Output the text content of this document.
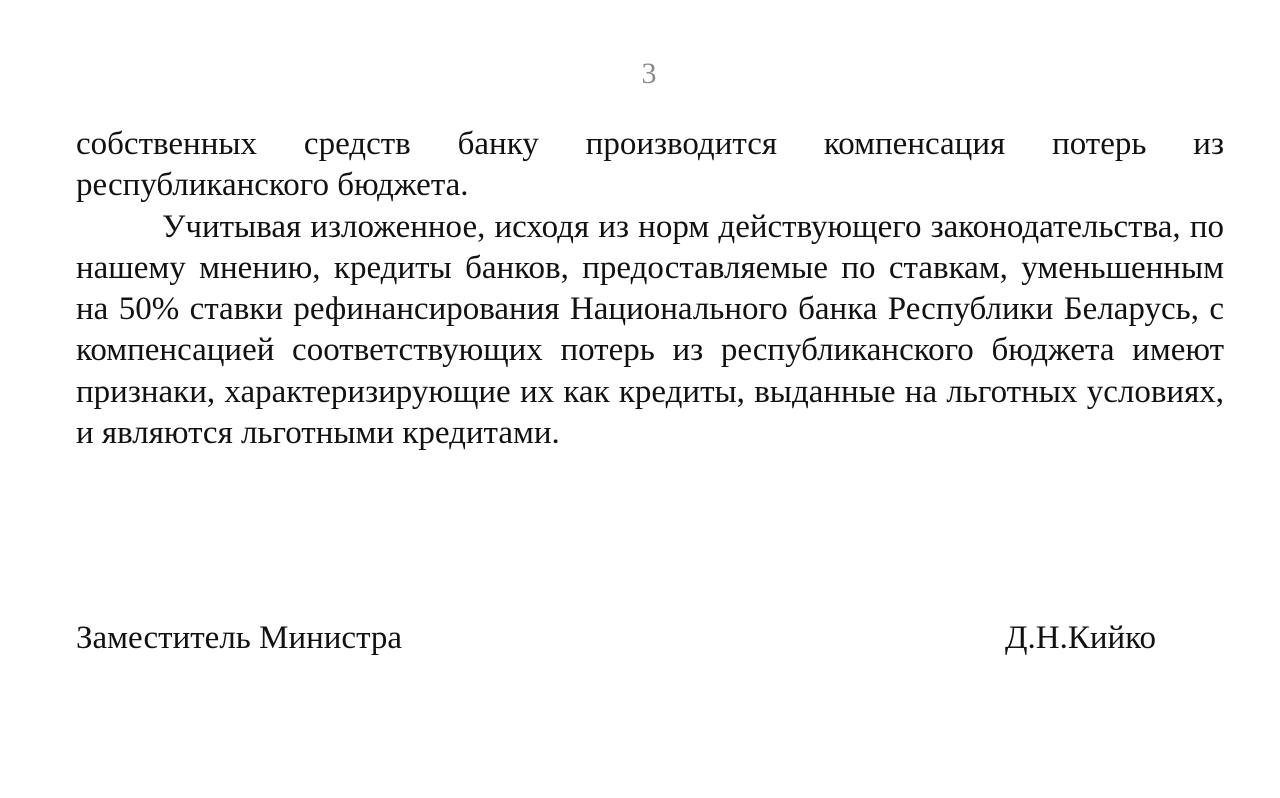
3

собственных средств банку производится компенсация потерь из республиканского бюджета.

Учитывая изложенное, исходя из норм действующего законодательства, по нашему мнению, кредиты банков, предоставляемые по ставкам, уменьшенным на 50% ставки рефинансирования Национального банка Республики Беларусь, с компенсацией соответствующих потерь из республиканского бюджета имеют признаки, характеризирующие их как кредиты, выданные на льготных условиях, и являются льготными кредитами.

Заместитель Министра	Д.Н.Кийко
